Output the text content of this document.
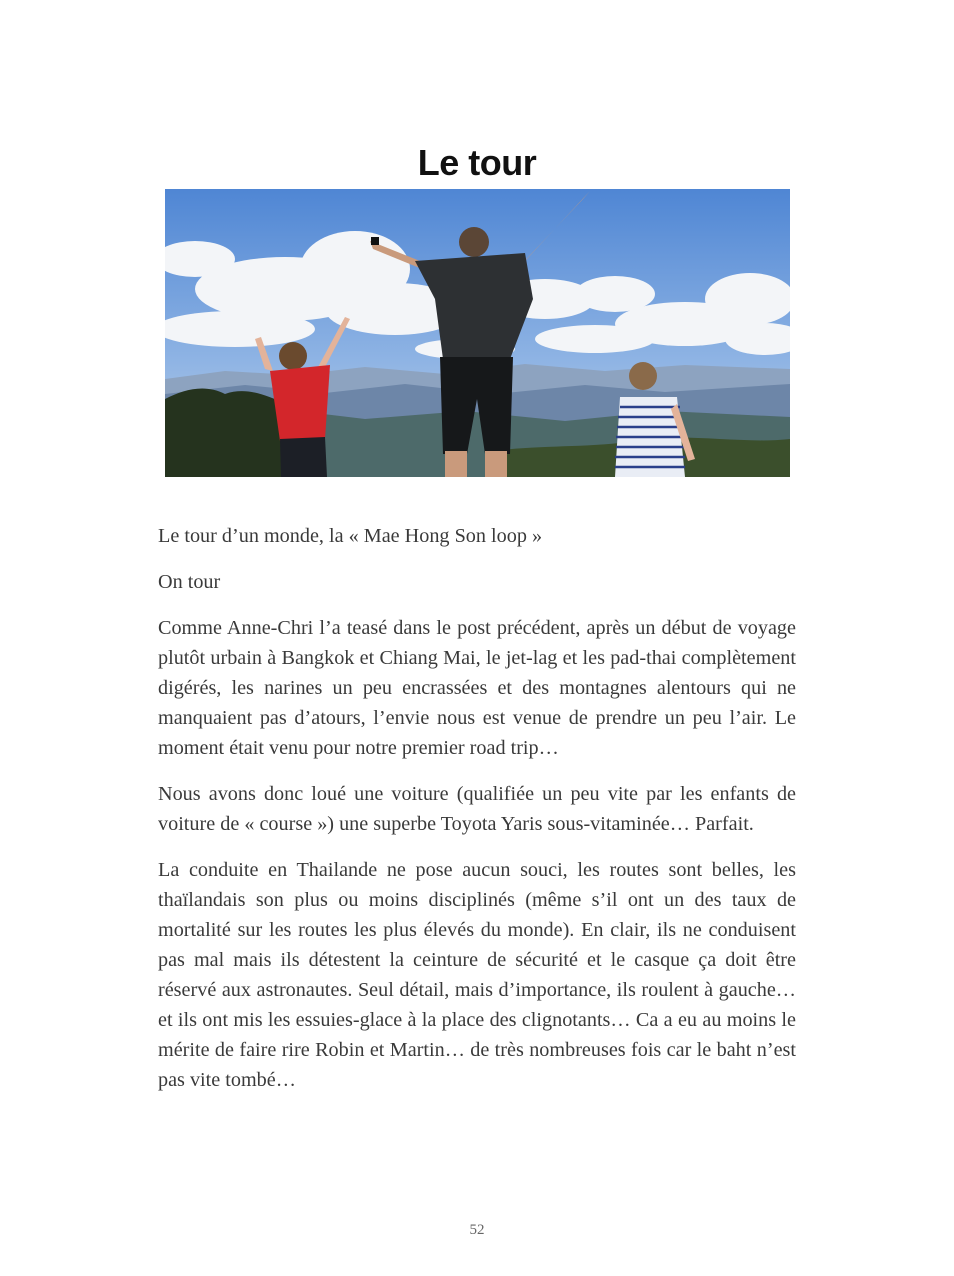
Le tour

Le tour d’un monde, la « Mae Hong Son loop »

On tour

Comme Anne-Chri l’a teasé dans le post précédent, après un début de voyage plutôt urbain à Bangkok et Chiang Mai, le jet-lag et les pad-thai complètement digérés, les narines un peu encrassées et des montagnes alentours qui ne manquaient pas d’atours, l’envie nous est venue de prendre un peu l’air. Le moment était venu pour notre premier road trip…

Nous avons donc loué une voiture (qualifiée un peu vite par les enfants de voiture de « course ») une superbe Toyota Yaris sous-vitaminée… Parfait.

La conduite en Thailande ne pose aucun souci, les routes sont belles, les thaïlandais son plus ou moins disciplinés (même s’il ont un des taux de mortalité sur les routes les plus élevés du monde). En clair, ils ne conduisent pas mal mais ils détestent la ceinture de sécurité et le casque ça doit être réservé aux astronautes. Seul détail, mais d’importance, ils roulent à gauche… et ils ont mis les essuies-glace à la place des clignotants… Ca a eu au moins le mérite de faire rire Robin et Martin… de très nombreuses fois car le baht n’est pas vite tombé…

52
